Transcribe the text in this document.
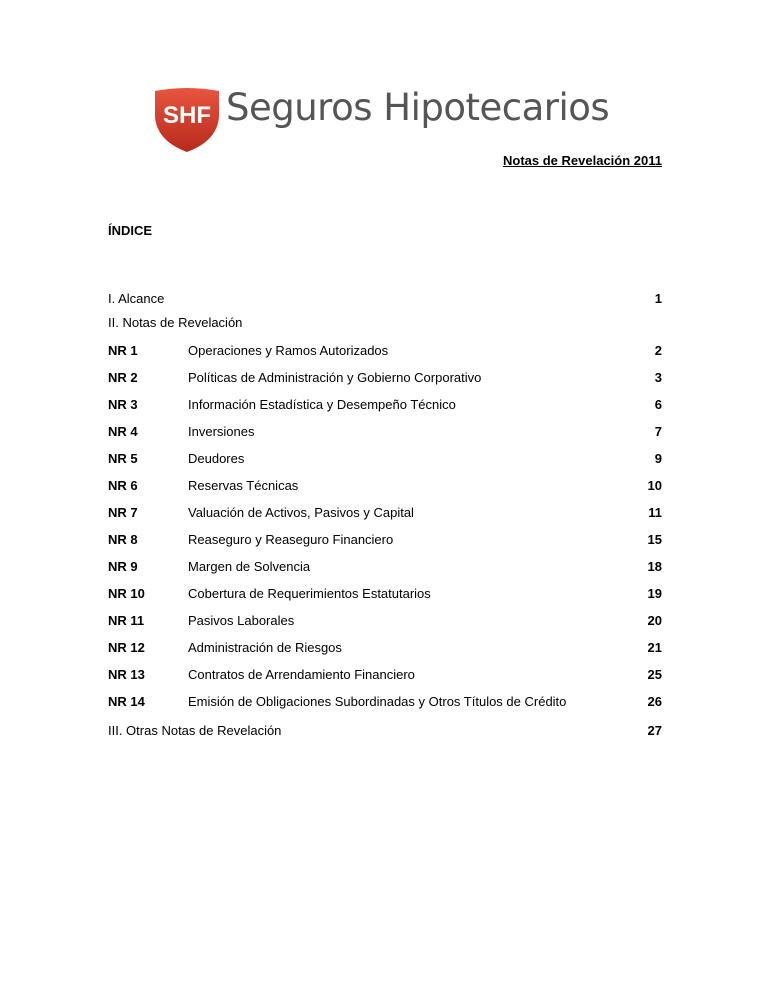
SHF Seguros Hipotecarios
Notas de Revelación 2011
ÍNDICE
I. Alcance	1
II. Notas de Revelación
NR 1	Operaciones y Ramos Autorizados	2
NR 2	Políticas de Administración y Gobierno Corporativo	3
NR 3	Información Estadística y Desempeño Técnico	6
NR 4	Inversiones	7
NR 5	Deudores	9
NR 6	Reservas Técnicas	10
NR 7	Valuación de Activos, Pasivos y Capital	11
NR 8	Reaseguro y Reaseguro Financiero	15
NR 9	Margen de Solvencia	18
NR 10	Cobertura de Requerimientos Estatutarios	19
NR 11	Pasivos Laborales	20
NR 12	Administración de Riesgos	21
NR 13	Contratos de Arrendamiento Financiero	25
NR 14	Emisión de Obligaciones Subordinadas y Otros Títulos de Crédito	26
III. Otras Notas de Revelación	27
